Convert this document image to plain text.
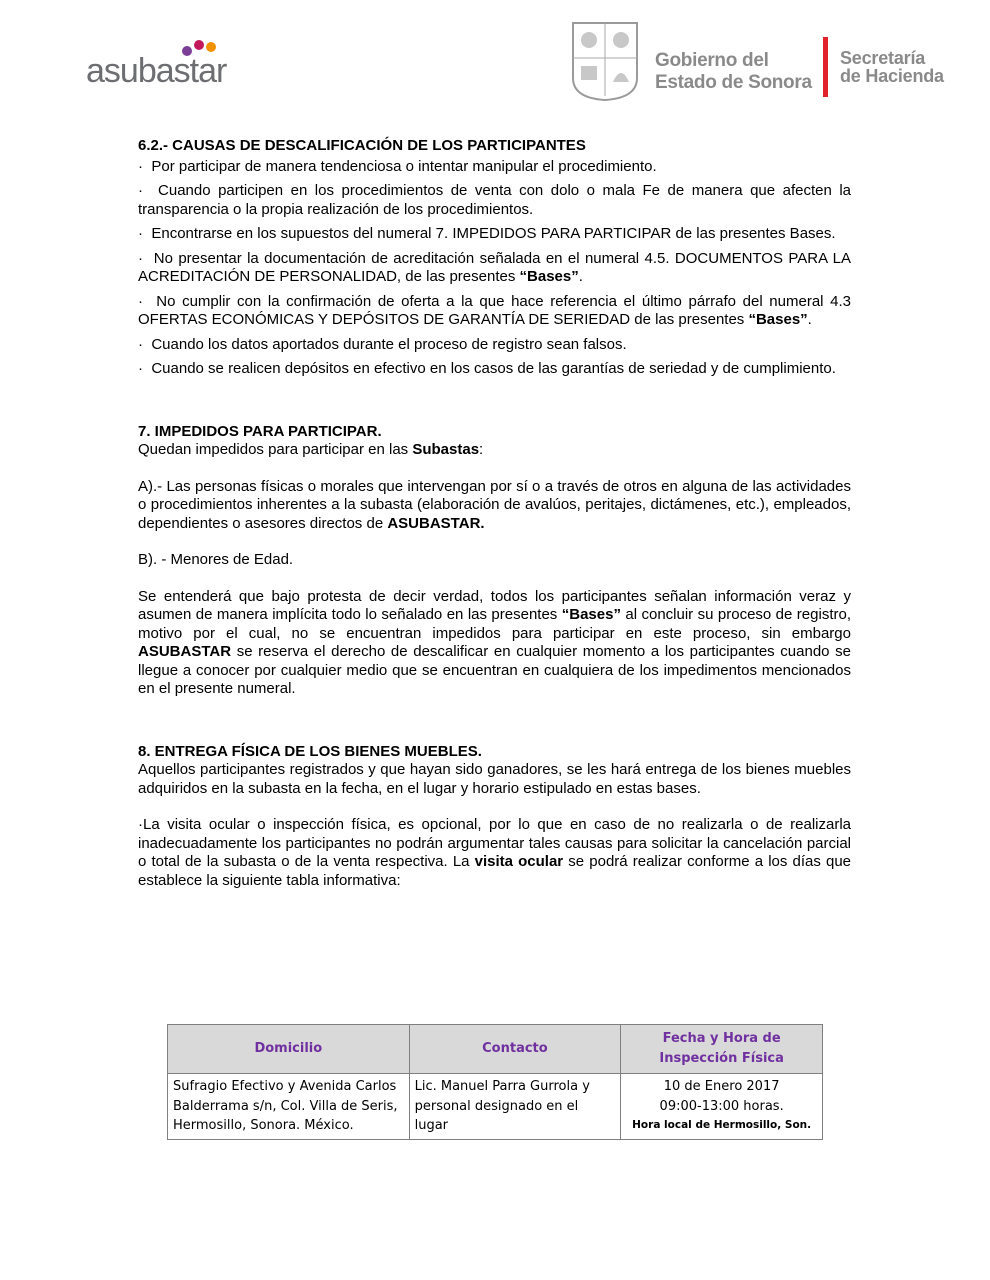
asubastar	Gobierno del
Estado de Sonora
Secretaría
de Hacienda

6.2.- CAUSAS DE DESCALIFICACIÓN DE LOS PARTICIPANTES

· Por participar de manera tendenciosa o intentar manipular el procedimiento.

· Cuando participen en los procedimientos de venta con dolo o mala Fe de manera que afecten la transparencia o la propia realización de los procedimientos.

· Encontrarse en los supuestos del numeral 7. IMPEDIDOS PARA PARTICIPAR de las presentes Bases.

· No presentar la documentación de acreditación señalada en el numeral 4.5. DOCUMENTOS PARA LA ACREDITACIÓN DE PERSONALIDAD, de las presentes “Bases”.

· No cumplir con la confirmación de oferta a la que hace referencia el último párrafo del numeral 4.3 OFERTAS ECONÓMICAS Y DEPÓSITOS DE GARANTÍA DE SERIEDAD de las presentes “Bases”.

· Cuando los datos aportados durante el proceso de registro sean falsos.

· Cuando se realicen depósitos en efectivo en los casos de las garantías de seriedad y de cumplimiento.

7. IMPEDIDOS PARA PARTICIPAR.

Quedan impedidos para participar en las Subastas:

A).- Las personas físicas o morales que intervengan por sí o a través de otros en alguna de las actividades o procedimientos inherentes a la subasta (elaboración de avalúos, peritajes, dictámenes, etc.), empleados, dependientes o asesores directos de ASUBASTAR.

B). - Menores de Edad.

Se entenderá que bajo protesta de decir verdad, todos los participantes señalan información veraz y asumen de manera implícita todo lo señalado en las presentes “Bases” al concluir su proceso de registro, motivo por el cual, no se encuentran impedidos para participar en este proceso, sin embargo ASUBASTAR se reserva el derecho de descalificar en cualquier momento a los participantes cuando se llegue a conocer por cualquier medio que se encuentran en cualquiera de los impedimentos mencionados en el presente numeral.

8. ENTREGA FÍSICA DE LOS BIENES MUEBLES.

Aquellos participantes registrados y que hayan sido ganadores, se les hará entrega de los bienes muebles adquiridos en la subasta en la fecha, en el lugar y horario estipulado en estas bases.

·La visita ocular o inspección física, es opcional, por lo que en caso de no realizarla o de realizarla inadecuadamente los participantes no podrán argumentar tales causas para solicitar la cancelación parcial o total de la subasta o de la venta respectiva. La visita ocular se podrá realizar conforme a los días que establece la siguiente tabla informativa:

Domicilio	Contacto	Fecha y Hora de Inspección Física
Sufragio Efectivo y Avenida Carlos Balderrama s/n, Col. Villa de Seris, Hermosillo, Sonora. México.	Lic. Manuel Parra Gurrola y personal designado en el lugar	10 de Enero 2017
09:00-13:00 horas.
Hora local de Hermosillo, Son.
